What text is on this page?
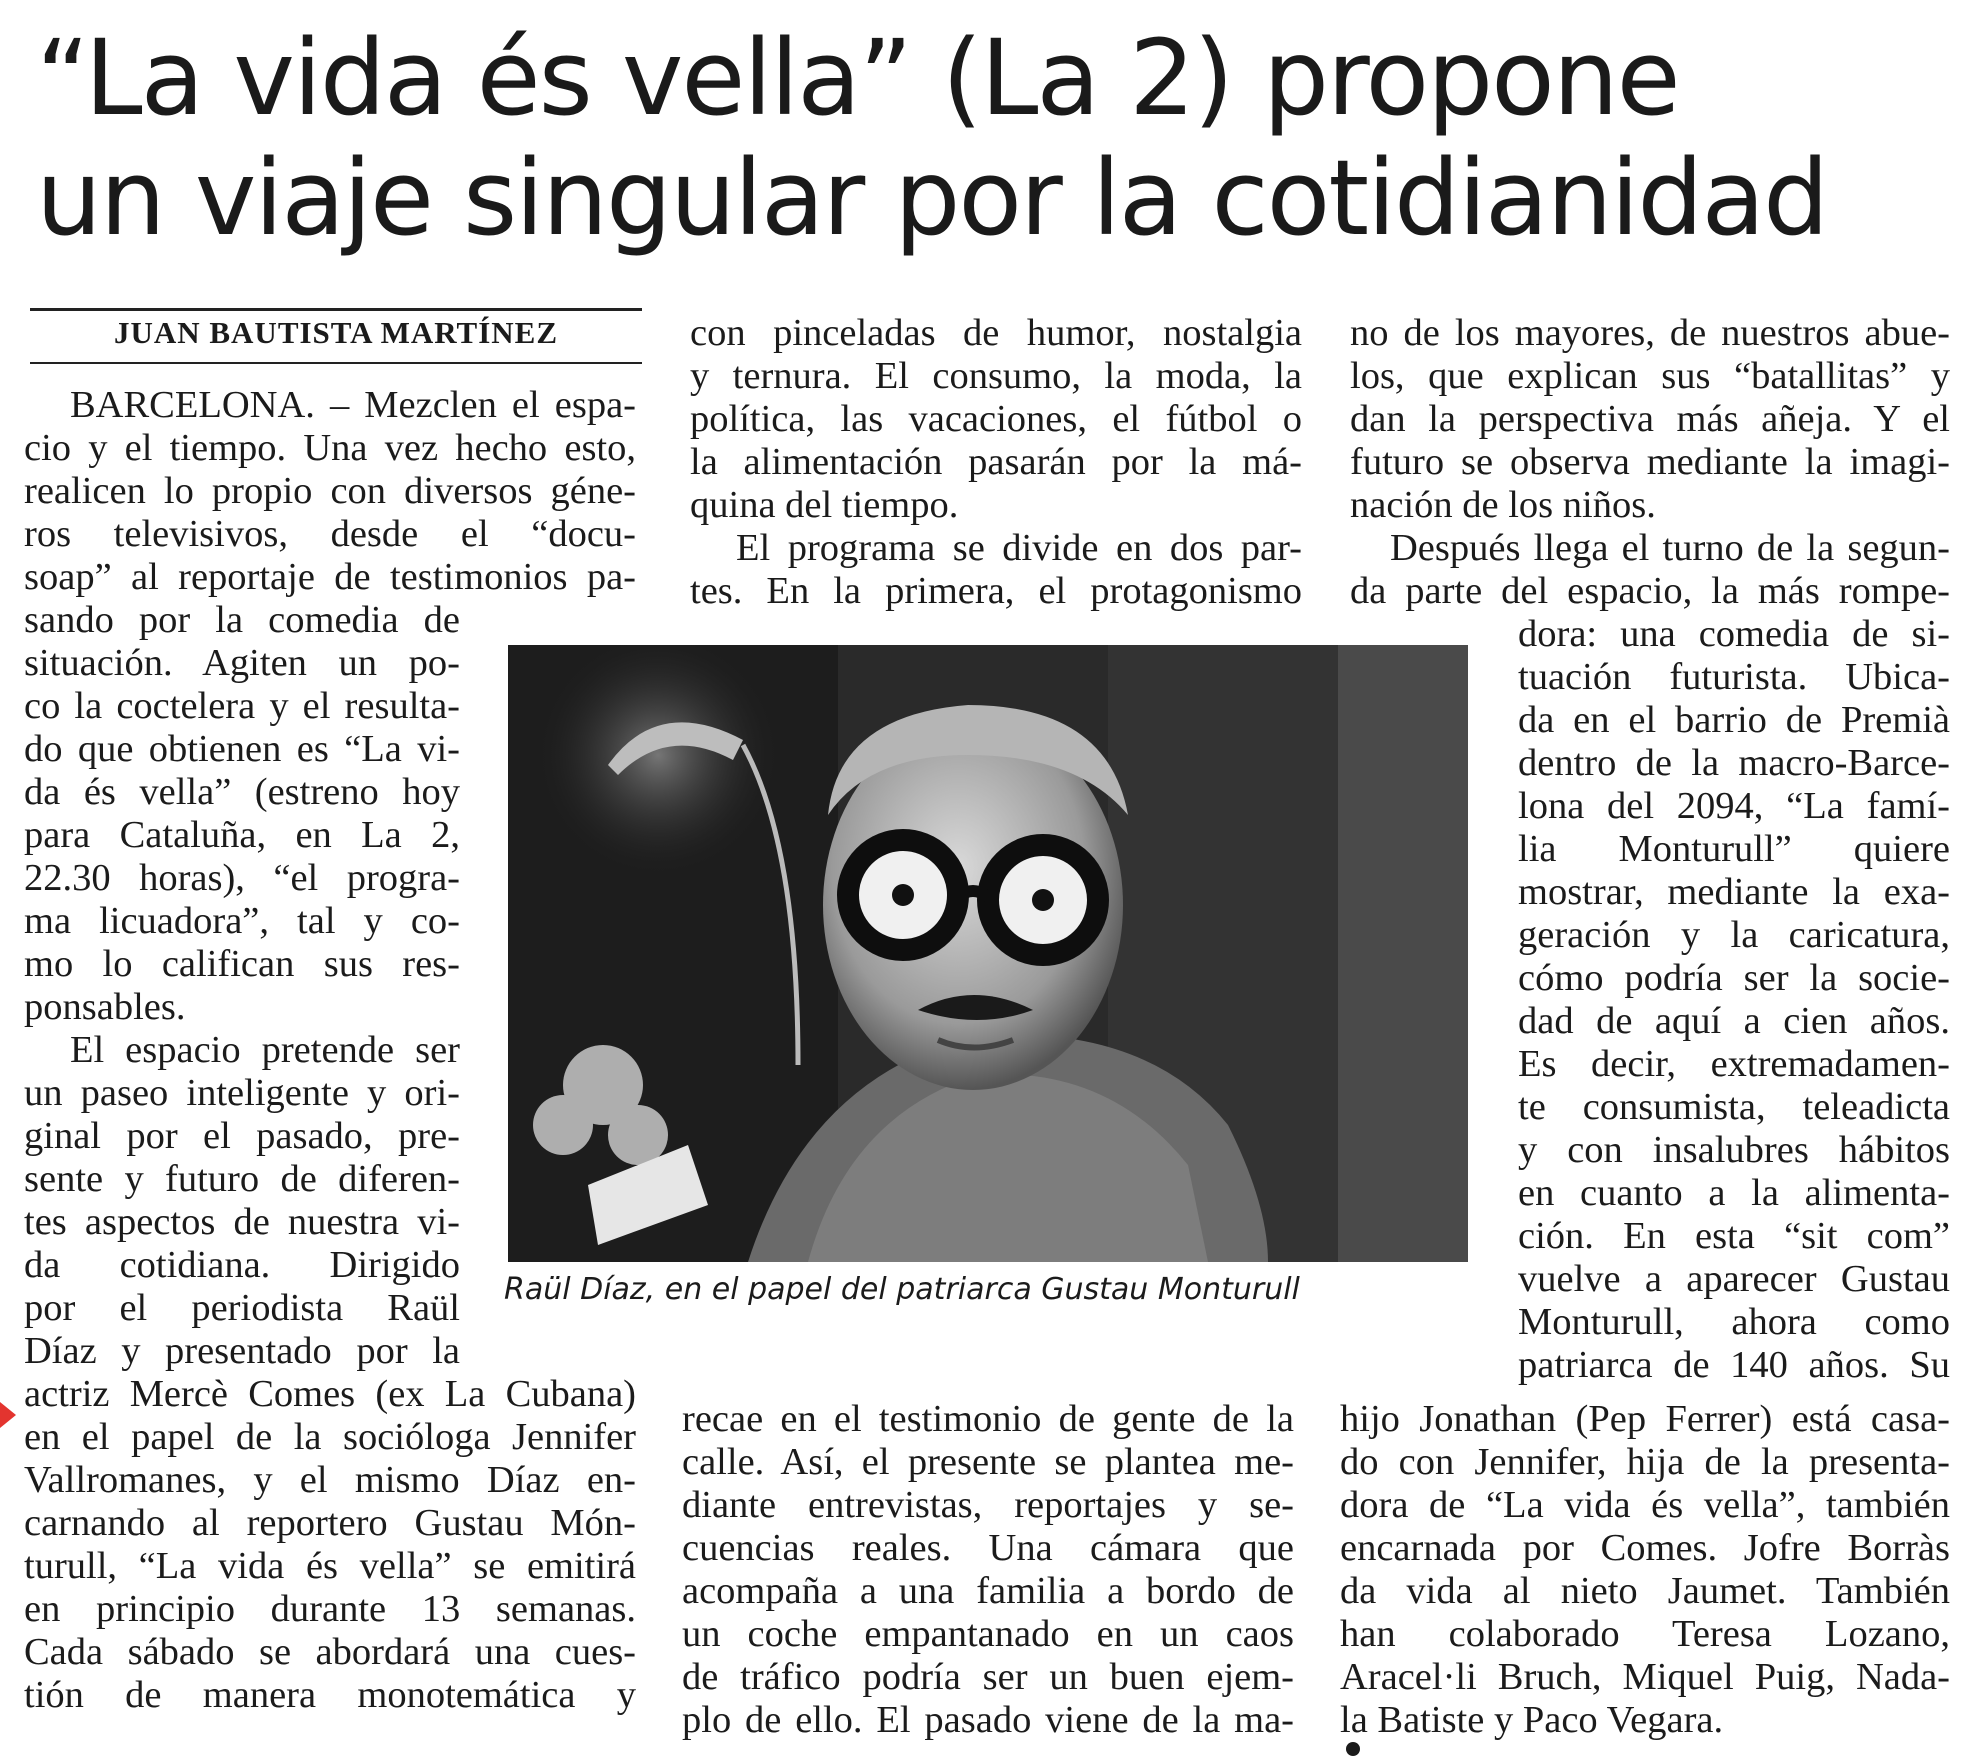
“La vida és vella” (La 2) propone
un viaje singular por la cotidianidad
JUAN BAUTISTA MARTÍNEZ
BARCELONA. – Mezclen el espa-
cio y el tiempo. Una vez hecho esto,
realicen lo propio con diversos géne-
ros televisivos, desde el “docu-
soap” al reportaje de testimonios pa-
sando por la comedia de
situación. Agiten un po-
co la coctelera y el resulta-
do que obtienen es “La vi-
da és vella” (estreno hoy
para Cataluña, en La 2,
22.30 horas), “el progra-
ma licuadora”, tal y co-
mo lo califican sus res-
ponsables.
El espacio pretende ser
un paseo inteligente y ori-
ginal por el pasado, pre-
sente y futuro de diferen-
tes aspectos de nuestra vi-
da cotidiana. Dirigido
por el periodista Raül
Díaz y presentado por la
actriz Mercè Comes (ex La Cubana)
en el papel de la socióloga Jennifer
Vallromanes, y el mismo Díaz en-
carnando al reportero Gustau Món-
turull, “La vida és vella” se emitirá
en principio durante 13 semanas.
Cada sábado se abordará una cues-
tión de manera monotemática y
con pinceladas de humor, nostalgia
y ternura. El consumo, la moda, la
política, las vacaciones, el fútbol o
la alimentación pasarán por la má-
quina del tiempo.
El programa se divide en dos par-
tes. En la primera, el protagonismo
Raül Díaz, en el papel del patriarca Gustau Monturull
recae en el testimonio de gente de la
calle. Así, el presente se plantea me-
diante entrevistas, reportajes y se-
cuencias reales. Una cámara que
acompaña a una familia a bordo de
un coche empantanado en un caos
de tráfico podría ser un buen ejem-
plo de ello. El pasado viene de la ma-
no de los mayores, de nuestros abue-
los, que explican sus “batallitas” y
dan la perspectiva más añeja. Y el
futuro se observa mediante la imagi-
nación de los niños.
Después llega el turno de la segun-
da parte del espacio, la más rompe-
dora: una comedia de si-
tuación futurista. Ubica-
da en el barrio de Premià
dentro de la macro-Barce-
lona del 2094, “La famí-
lia Monturull” quiere
mostrar, mediante la exa-
geración y la caricatura,
cómo podría ser la socie-
dad de aquí a cien años.
Es decir, extremadamen-
te consumista, teleadicta
y con insalubres hábitos
en cuanto a la alimenta-
ción. En esta “sit com”
vuelve a aparecer Gustau
Monturull, ahora como
patriarca de 140 años. Su
hijo Jonathan (Pep Ferrer) está casa-
do con Jennifer, hija de la presenta-
dora de “La vida és vella”, también
encarnada por Comes. Jofre Borràs
da vida al nieto Jaumet. También
han colaborado Teresa Lozano,
Aracel·li Bruch, Miquel Puig, Nada-
la Batiste y Paco Vegara.
